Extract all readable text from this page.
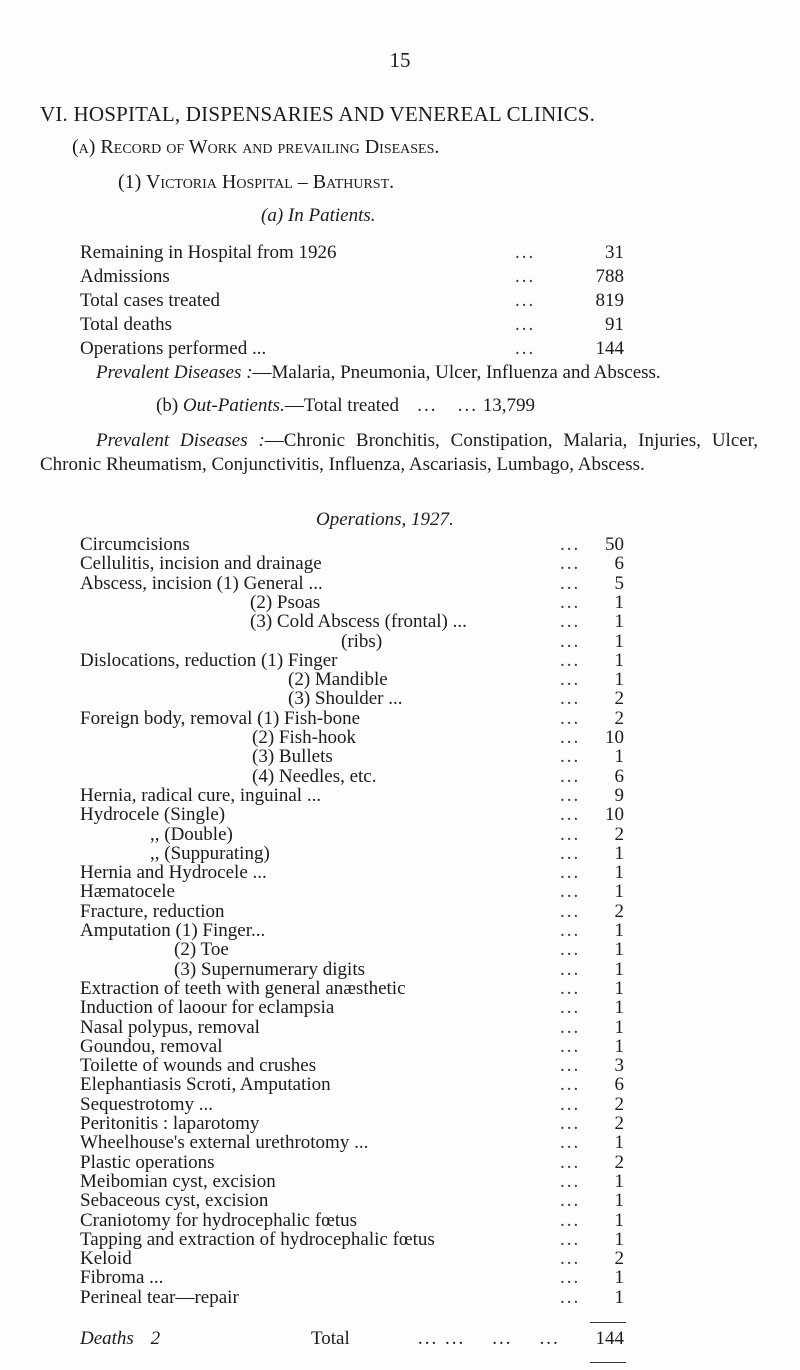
15
VI. HOSPITAL, DISPENSARIES AND VENEREAL CLINICS.
(a) Record of Work and prevailing Diseases.
(1) Victoria Hospital – Bathurst.
(a) In Patients.
Remaining in Hospital from 1926	...	31
Admissions	...	788
Total cases treated	...	819
Total deaths	...	91
Operations performed ...	...	144
Prevalent Diseases :—Malaria, Pneumonia, Ulcer, Influenza and Abscess.
(b) Out-Patients.—Total treated   ...   ... 13,799
Prevalent Diseases :—Chronic Bronchitis, Constipation, Malaria, Injuries, Ulcer, Chronic Rheumatism, Conjunctivitis, Influenza, Ascariasis, Lumbago, Abscess.
Operations, 1927.
Circumcisions	... 50
Cellulitis, incision and drainage	... 6
Abscess, incision (1) General ...	... 5
(2) Psoas	... 1
(3) Cold Abscess (frontal) ...	... 1
(ribs)	... 1
Dislocations, reduction (1) Finger	... 1
(2) Mandible	... 1
(3) Shoulder ...	... 2
Foreign body, removal (1) Fish-bone	... 2
(2) Fish-hook	... 10
(3) Bullets	... 1
(4) Needles, etc.	... 6
Hernia, radical cure, inguinal ...	... 9
Hydrocele (Single)	... 10
,, (Double)	... 2
,, (Suppurating)	... 1
Hernia and Hydrocele ...	... 1
Hæmatocele	... 1
Fracture, reduction	... 2
Amputation (1) Finger...	... 1
(2) Toe	... 1
(3) Supernumerary digits	... 1
Extraction of teeth with general anæsthetic	... 1
Induction of laoour for eclampsia	... 1
Nasal polypus, removal	... 1
Goundou, removal	... 1
Toilette of wounds and crushes	... 3
Elephantiasis Scroti, Amputation	... 6
Sequestrotomy ...	... 2
Peritonitis : laparotomy	... 2
Wheelhouse's external urethrotomy ...	... 1
Plastic operations	... 2
Meibomian cyst, excision	... 1
Sebaceous cyst, excision	... 1
Craniotomy for hydrocephalic fœtus	... 1
Tapping and extraction of hydrocephalic fœtus	... 1
Keloid	... 2
Fibroma ...	... 1
Perineal tear—repair	... 1
Deaths 2	Total	... ...    ...    ... 144
